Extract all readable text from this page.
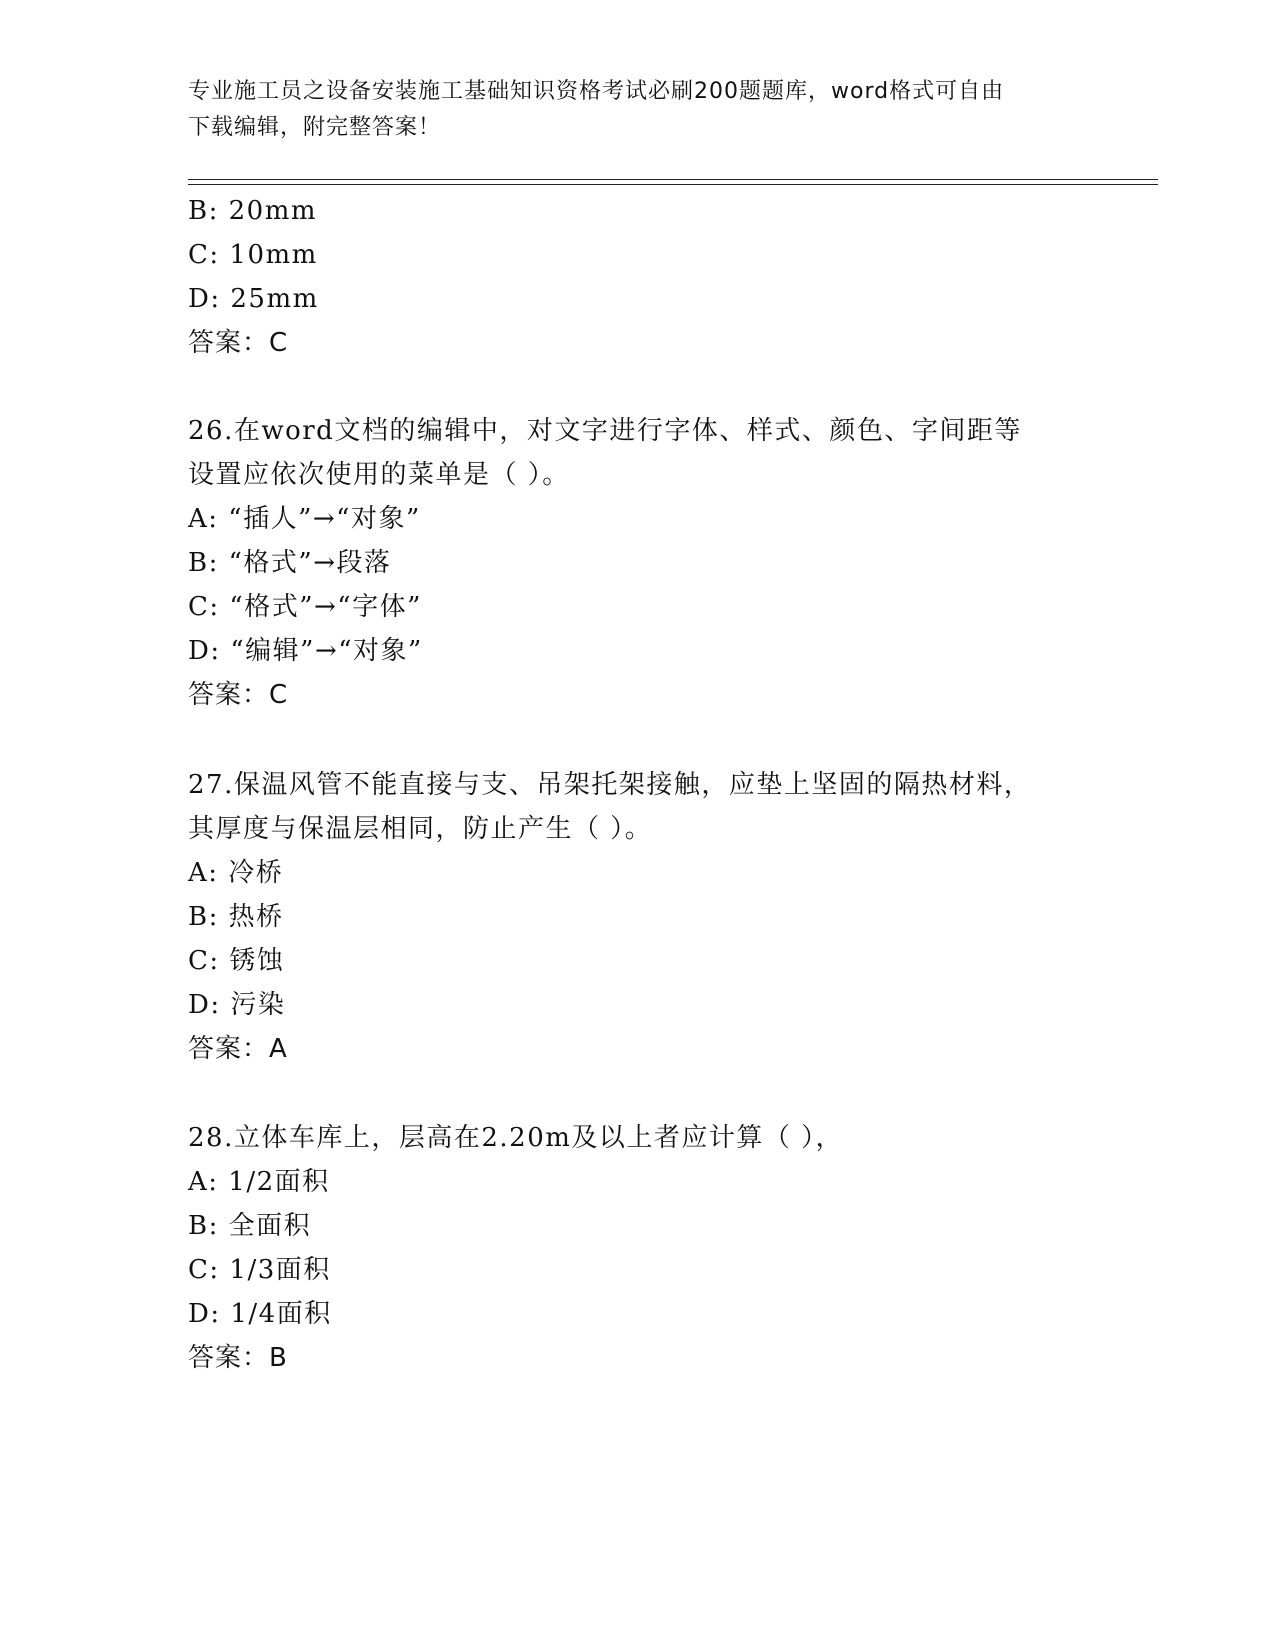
专业施工员之设备安装施工基础知识资格考试必刷200题题库，word格式可自由
下载编辑，附完整答案！
B: 20mm
C: 10mm
D: 25mm
答案：C
26.在word文档的编辑中，对文字进行字体、样式、颜色、字间距等
设置应依次使用的菜单是（ ）。
A: “插人”→“对象”
B: “格式”→段落
C: “格式”→“字体”
D: “编辑”→“对象”
答案：C
27.保温风管不能直接与支、吊架托架接触，应垫上坚固的隔热材料，
其厚度与保温层相同，防止产生（ ）。
A: 冷桥
B: 热桥
C: 锈蚀
D: 污染
答案：A
28.立体车库上，层高在2.20m及以上者应计算（ ），
A: 1/2面积
B: 全面积
C: 1/3面积
D: 1/4面积
答案：B
